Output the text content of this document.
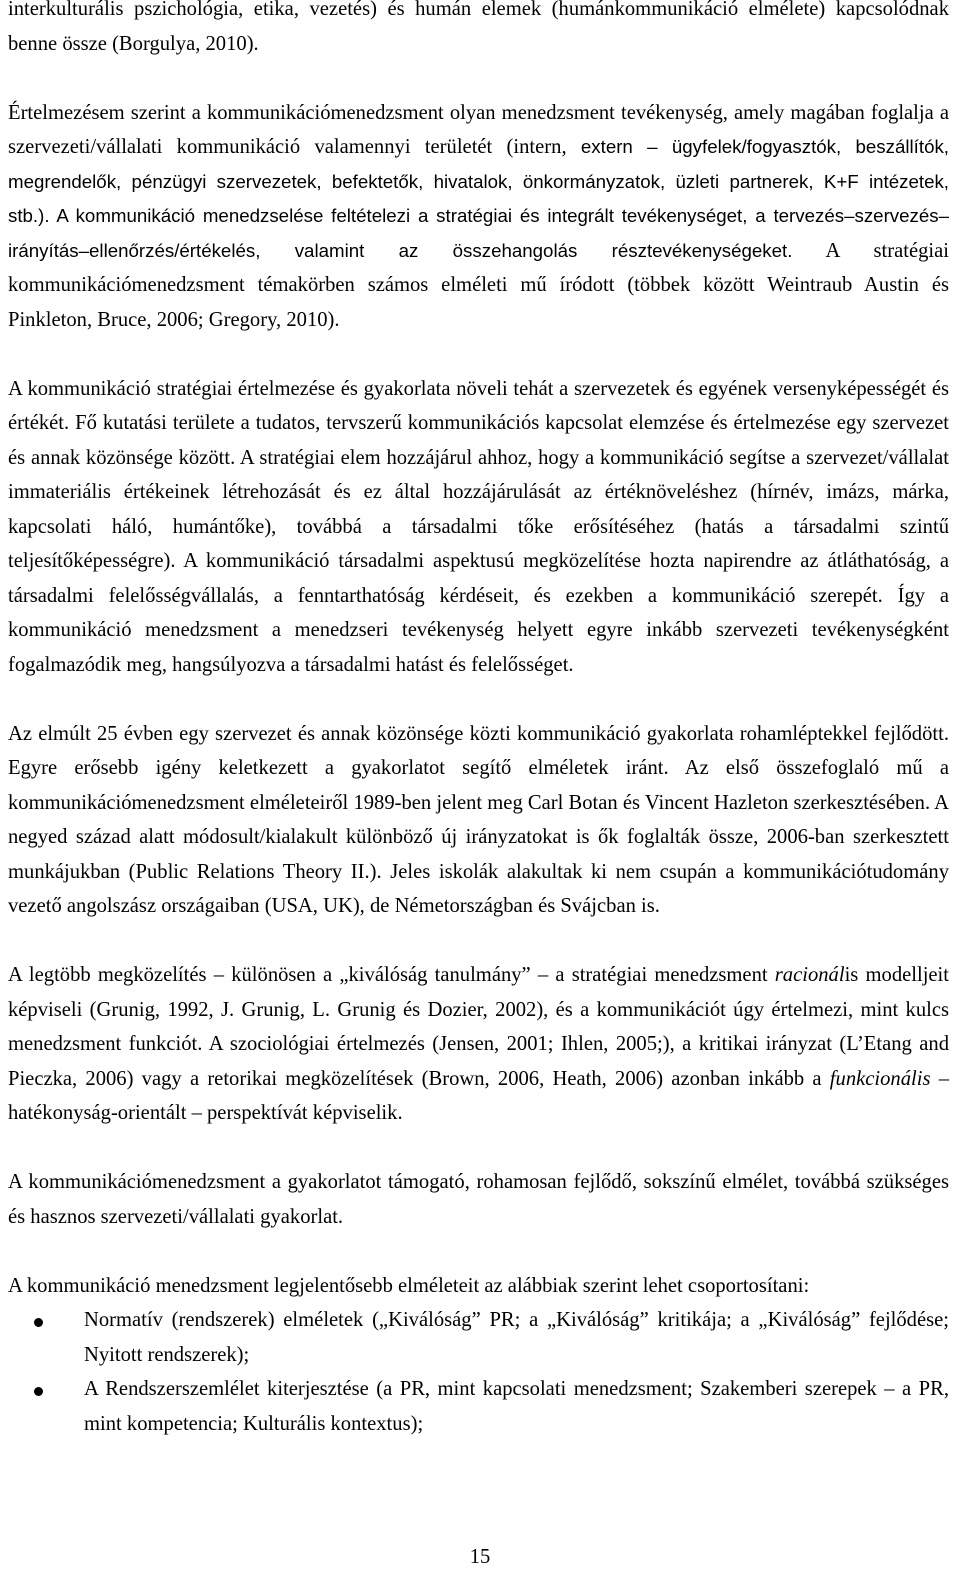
interkulturális pszichológia, etika, vezetés) és humán elemek (humánkommunikáció elmélete) kapcsolódnak benne össze (Borgulya, 2010).

Értelmezésem szerint a kommunikációmenedzsment olyan menedzsment tevékenység, amely magában foglalja a szervezeti/vállalati kommunikáció valamennyi területét (intern, extern – ügyfelek/fogyasztók, beszállítók, megrendelők, pénzügyi szervezetek, befektetők, hivatalok, önkormányzatok, üzleti partnerek, K+F intézetek, stb.). A kommunikáció menedzselése feltételezi a stratégiai és integrált tevékenységet, a tervezés–szervezés–irányítás–ellenőrzés/értékelés, valamint az összehangolás résztevékenységeket. A stratégiai kommunikációmenedzsment témakörben számos elméleti mű íródott (többek között Weintraub Austin és Pinkleton, Bruce, 2006; Gregory, 2010).

A kommunikáció stratégiai értelmezése és gyakorlata növeli tehát a szervezetek és egyének versenyképességét és értékét. Fő kutatási területe a tudatos, tervszerű kommunikációs kapcsolat elemzése és értelmezése egy szervezet és annak közönsége között. A stratégiai elem hozzájárul ahhoz, hogy a kommunikáció segítse a szervezet/vállalat immateriális értékeinek létrehozását és ez által hozzájárulását az értéknöveléshez (hírnév, imázs, márka, kapcsolati háló, humántőke), továbbá a társadalmi tőke erősítéséhez (hatás a társadalmi szintű teljesítőképességre). A kommunikáció társadalmi aspektusú megközelítése hozta napirendre az átláthatóság, a társadalmi felelősségvállalás, a fenntarthatóság kérdéseit, és ezekben a kommunikáció szerepét. Így a kommunikáció menedzsment a menedzseri tevékenység helyett egyre inkább szervezeti tevékenységként fogalmazódik meg, hangsúlyozva a társadalmi hatást és felelősséget.

Az elmúlt 25 évben egy szervezet és annak közönsége közti kommunikáció gyakorlata rohamléptekkel fejlődött. Egyre erősebb igény keletkezett a gyakorlatot segítő elméletek iránt. Az első összefoglaló mű a kommunikációmenedzsment elméleteiről 1989-ben jelent meg Carl Botan és Vincent Hazleton szerkesztésében. A negyed század alatt módosult/kialakult különböző új irányzatokat is ők foglalták össze, 2006-ban szerkesztett munkájukban (Public Relations Theory II.). Jeles iskolák alakultak ki nem csupán a kommunikációtudomány vezető angolszász országaiban (USA, UK), de Németországban és Svájcban is.

A legtöbb megközelítés – különösen a „kiválóság tanulmány” – a stratégiai menedzsment racionális modelljeit képviseli (Grunig, 1992, J. Grunig, L. Grunig és Dozier, 2002), és a kommunikációt úgy értelmezi, mint kulcs menedzsment funkciót. A szociológiai értelmezés (Jensen, 2001; Ihlen, 2005;), a kritikai irányzat (L’Etang and Pieczka, 2006) vagy a retorikai megközelítések (Brown, 2006, Heath, 2006) azonban inkább a funkcionális – hatékonyság-orientált – perspektívát képviselik.

A kommunikációmenedzsment a gyakorlatot támogató, rohamosan fejlődő, sokszínű elmélet, továbbá szükséges és hasznos szervezeti/vállalati gyakorlat.

A kommunikáció menedzsment legjelentősebb elméleteit az alábbiak szerint lehet csoportosítani:

Normatív (rendszerek) elméletek („Kiválóság” PR; a „Kiválóság” kritikája; a „Kiválóság” fejlődése; Nyitott rendszerek);
A Rendszerszemlélet kiterjesztése (a PR, mint kapcsolati menedzsment; Szakemberi szerepek – a PR, mint kompetencia; Kulturális kontextus);
15
